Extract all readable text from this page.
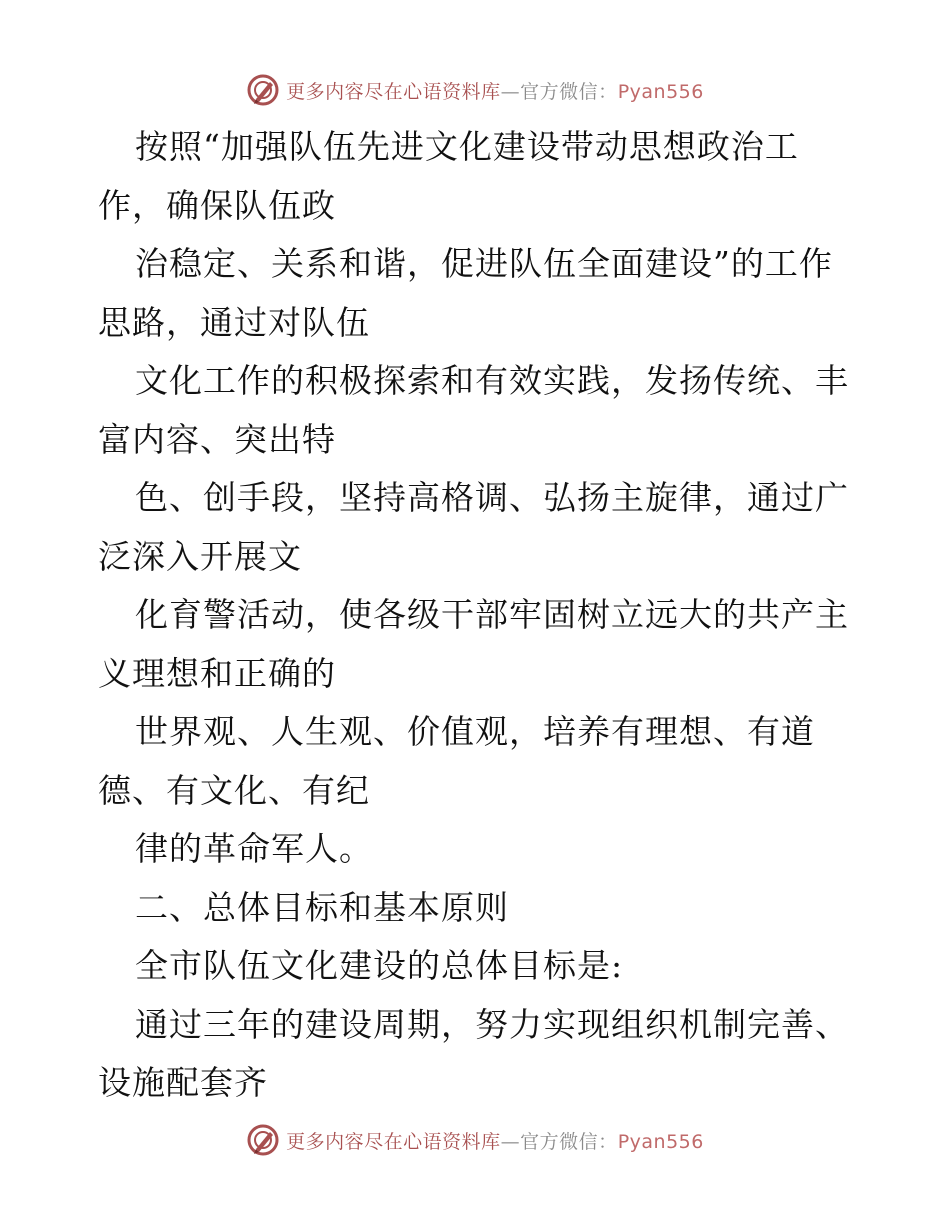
更多内容尽在心语资料库—官方微信：Pyan556
按照“加强队伍先进文化建设带动思想政治工
作，确保队伍政
治稳定、关系和谐，促进队伍全面建设”的工作
思路，通过对队伍
文化工作的积极探索和有效实践，发扬传统、丰
富内容、突出特
色、创手段，坚持高格调、弘扬主旋律，通过广
泛深入开展文
化育警活动，使各级干部牢固树立远大的共产主
义理想和正确的
世界观、人生观、价值观，培养有理想、有道
德、有文化、有纪
律的革命军人。
二、总体目标和基本原则
全市队伍文化建设的总体目标是:
通过三年的建设周期，努力实现组织机制完善、
设施配套齐
更多内容尽在心语资料库—官方微信：Pyan556
